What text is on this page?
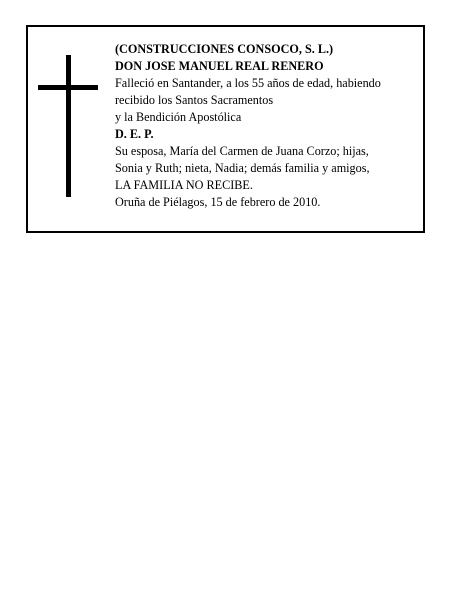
(CONSTRUCCIONES CONSOCO, S. L.)
DON JOSE MANUEL REAL RENERO
Falleció en Santander, a los 55 años de edad, habiendo
recibido los Santos Sacramentos
y la Bendición Apostólica
D. E. P.
Su esposa, María del Carmen de Juana Corzo; hijas,
Sonia y Ruth; nieta, Nadia; demás familia y amigos,
LA FAMILIA NO RECIBE.
Oruña de Piélagos, 15 de febrero de 2010.
